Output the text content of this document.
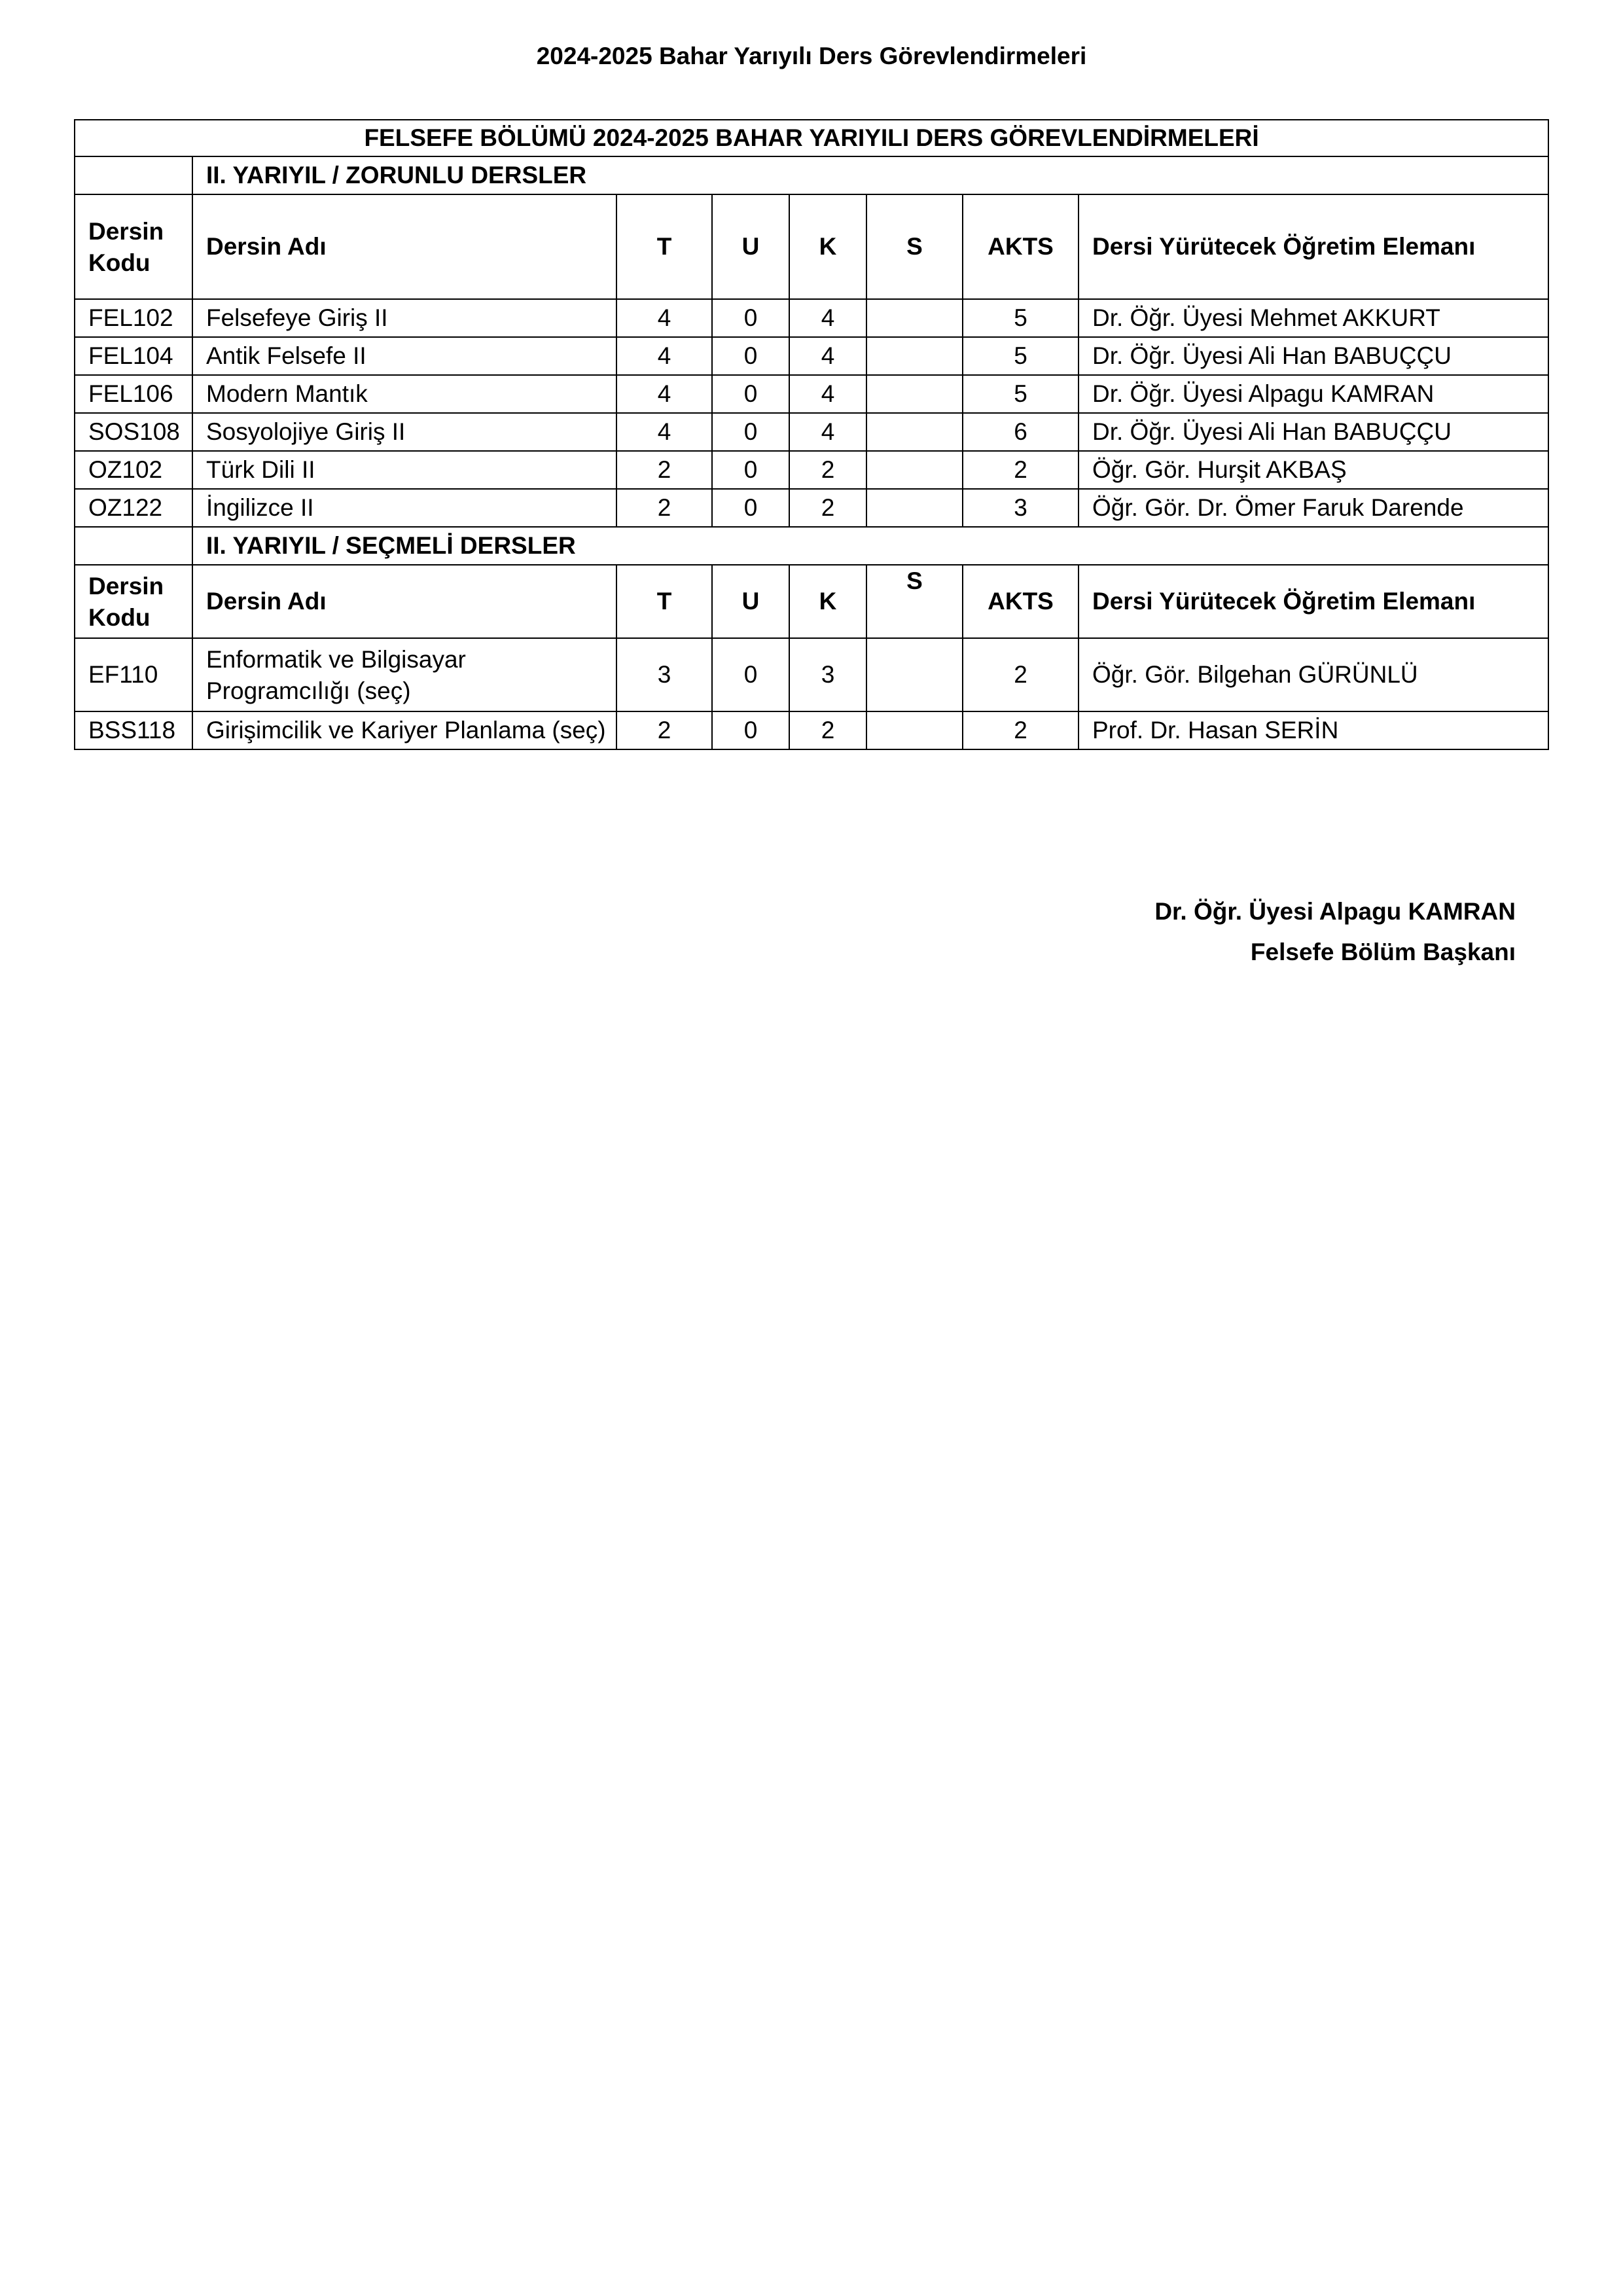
2024-2025 Bahar Yarıyılı Ders Görevlendirmeleri
FELSEFE BÖLÜMÜ 2024-2025 BAHAR YARIYILI DERS GÖREVLENDİRMELERİ							
	II. YARIYIL / ZORUNLU DERSLER						
Dersin Kodu	Dersin Adı	T	U	K	S	AKTS	Dersi Yürütecek Öğretim Elemanı
FEL102	Felsefeye Giriş II	4	0	4		5	Dr. Öğr. Üyesi Mehmet AKKURT
FEL104	Antik Felsefe II	4	0	4		5	Dr. Öğr. Üyesi Ali Han BABUÇÇU
FEL106	Modern Mantık	4	0	4		5	Dr. Öğr. Üyesi Alpagu KAMRAN
SOS108	Sosyolojiye Giriş II	4	0	4		6	Dr. Öğr. Üyesi Ali Han BABUÇÇU
OZ102	Türk Dili II	2	0	2		2	Öğr. Gör. Hurşit AKBAŞ
OZ122	İngilizce II	2	0	2		3	Öğr. Gör. Dr. Ömer Faruk Darende
	II. YARIYIL / SEÇMELİ DERSLER						
Dersin Kodu	Dersin Adı	T	U	K	S	AKTS	Dersi Yürütecek Öğretim Elemanı
EF110	Enformatik ve Bilgisayar Programcılığı (seç)	3	0	3		2	Öğr. Gör. Bilgehan GÜRÜNLÜ
BSS118	Girişimcilik ve Kariyer Planlama (seç)	2	0	2		2	Prof. Dr. Hasan SERİN
Dr. Öğr. Üyesi Alpagu KAMRAN
Felsefe Bölüm Başkanı
